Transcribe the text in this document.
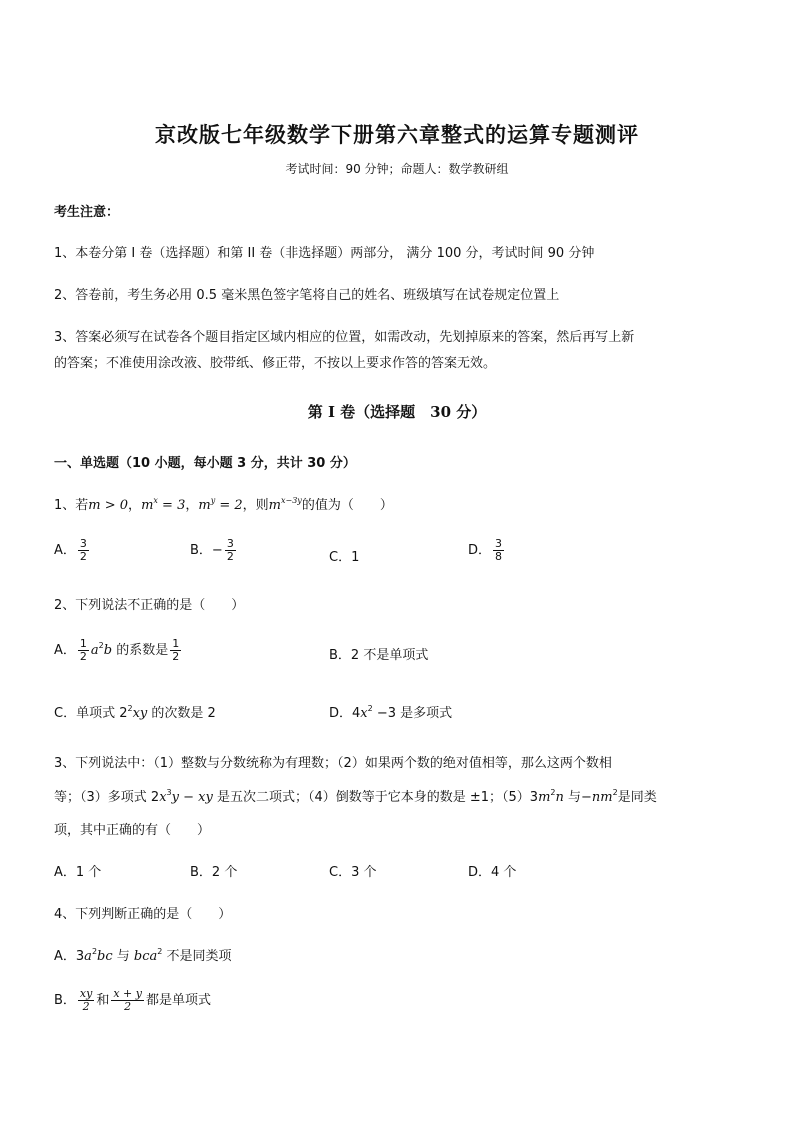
京改版七年级数学下册第六章整式的运算专题测评
考试时间：90 分钟；命题人：数学教研组
考生注意：
1、本卷分第 I 卷（选择题）和第 II 卷（非选择题）两部分， 满分 100 分，考试时间 90 分钟
2、答卷前，考生务必用 0.5 毫米黑色签字笔将自己的姓名、班级填写在试卷规定位置上
3、答案必须写在试卷各个题目指定区域内相应的位置，如需改动，先划掉原来的答案，然后再写上新
的答案；不准使用涂改液、胶带纸、修正带，不按以上要求作答的答案无效。
第 I 卷（选择题　30 分）
一、单选题（10 小题，每小题 3 分，共计 30 分）
1、若m > 0，$m^x = 3$，$m^y = 2$，则$m^{x-3y}$的值为（　　）
A． $\frac{3}{2}$	B．− $\frac{3}{2}$	C．1	D． $\frac{3}{8}$
2、下列说法不正确的是（　　）
A． $\frac{1}{2} a^2b$ 的系数是 $\frac{1}{2}$	B．2 不是单项式
C．单项式 $2^2xy$ 的次数是 2	D．$4x^2 -3$ 是多项式
3、下列说法中：（1）整数与分数统称为有理数；（2）如果两个数的绝对值相等，那么这两个数相
等；（3）多项式 $2x^3y$ − xy 是五次二项式；（4）倒数等于它本身的数是 ±1；$(5)3m^2n$ 与$-nm^2$是同类
项，其中正确的有（　　）
A．1 个	B．2 个	C．3 个	D．4 个
4、下列判断正确的是（　　）
A．$3a^2bc$ 与 bca$^2$ 不是同类项
B． $\frac{xy}{2}$ 和 $\frac{x + y}{2}$ 都是单项式
